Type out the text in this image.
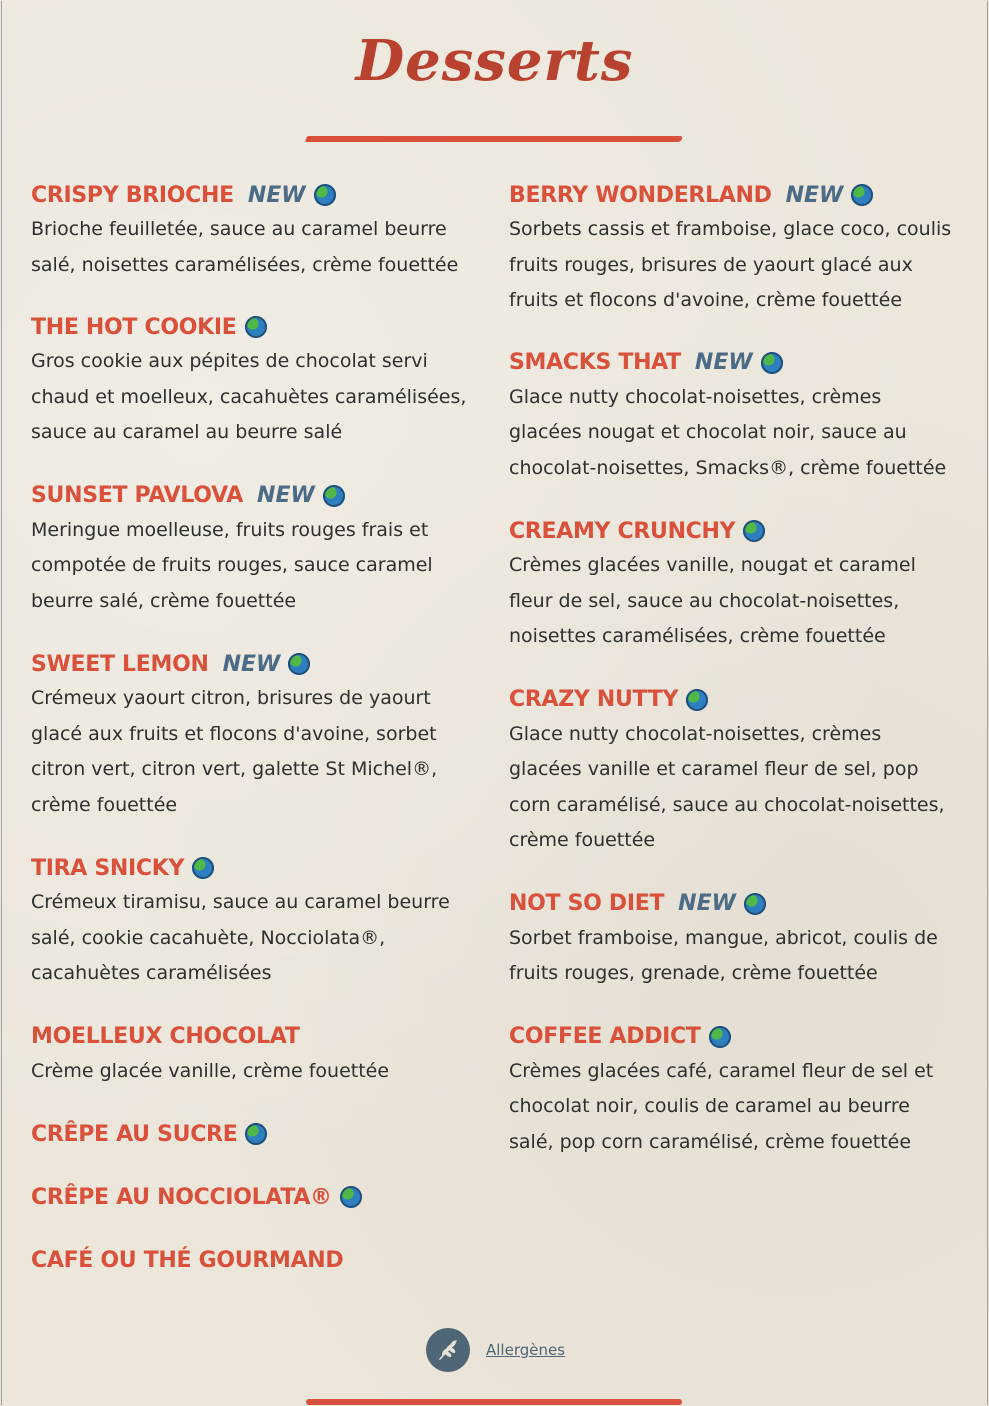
Desserts
CRISPY BRIOCHE NEW
Brioche feuilletée, sauce au caramel beurre salé, noisettes caramélisées, crème fouettée
THE HOT COOKIE
Gros cookie aux pépites de chocolat servi chaud et moelleux, cacahuètes caramélisées, sauce au caramel au beurre salé
SUNSET PAVLOVA NEW
Meringue moelleuse, fruits rouges frais et compotée de fruits rouges, sauce caramel beurre salé, crème fouettée
SWEET LEMON NEW
Crémeux yaourt citron, brisures de yaourt glacé aux fruits et flocons d'avoine, sorbet citron vert, citron vert, galette St Michel®, crème fouettée
TIRA SNICKY
Crémeux tiramisu, sauce au caramel beurre salé, cookie cacahuète, Nocciolata®, cacahuètes caramélisées
MOELLEUX CHOCOLAT
Crème glacée vanille, crème fouettée
CRÊPE AU SUCRE
CRÊPE AU NOCCIOLATA®
CAFÉ OU THÉ GOURMAND
BERRY WONDERLAND NEW
Sorbets cassis et framboise, glace coco, coulis fruits rouges, brisures de yaourt glacé aux fruits et flocons d'avoine, crème fouettée
SMACKS THAT NEW
Glace nutty chocolat-noisettes, crèmes glacées nougat et chocolat noir, sauce au chocolat-noisettes, Smacks®, crème fouettée
CREAMY CRUNCHY
Crèmes glacées vanille, nougat et caramel fleur de sel, sauce au chocolat-noisettes, noisettes caramélisées, crème fouettée
CRAZY NUTTY
Glace nutty chocolat-noisettes, crèmes glacées vanille et caramel fleur de sel, pop corn caramélisé, sauce au chocolat-noisettes, crème fouettée
NOT SO DIET NEW
Sorbet framboise, mangue, abricot, coulis de fruits rouges, grenade, crème fouettée
COFFEE ADDICT
Crèmes glacées café, caramel fleur de sel et chocolat noir, coulis de caramel au beurre salé, pop corn caramélisé, crème fouettée
Allergènes
